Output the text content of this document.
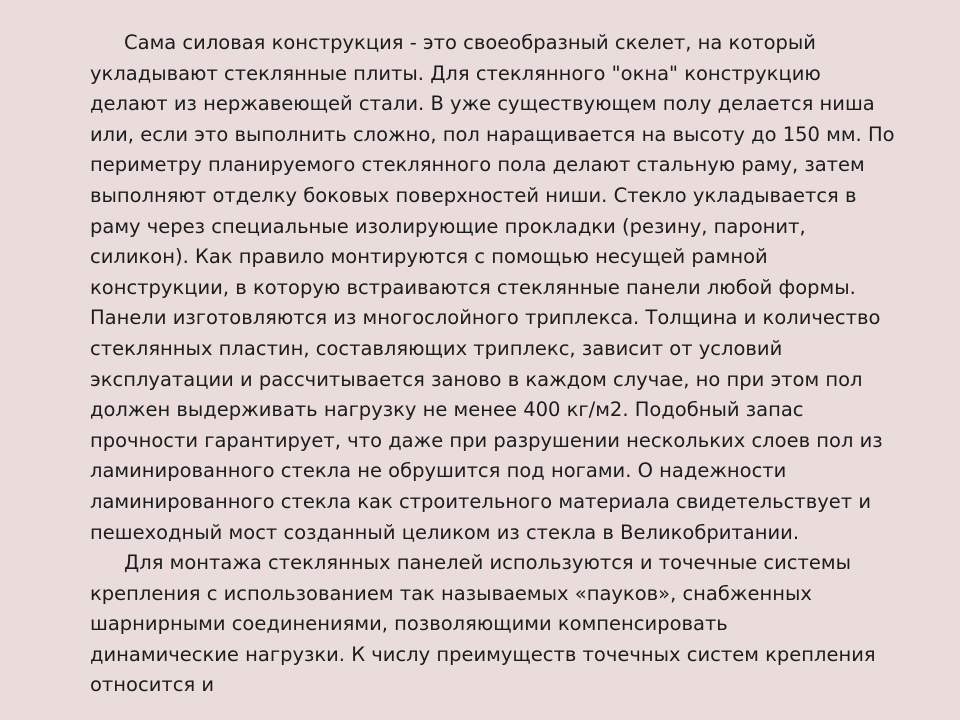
Сама силовая конструкция - это своеобразный скелет, на который
укладывают стеклянные плиты. Для стеклянного "окна" конструкцию
делают из нержавеющей стали. В уже существующем полу делается ниша
или, если это выполнить сложно, пол наращивается на высоту до 150 мм. По
периметру планируемого стеклянного пола делают стальную раму, затем
выполняют отделку боковых поверхностей ниши. Стекло укладывается в
раму через специальные изолирующие прокладки (резину, паронит,
силикон). Как правило монтируются с помощью несущей рамной
конструкции, в которую встраиваются стеклянные панели любой формы.
Панели изготовляются из многослойного триплекса. Толщина и количество
стеклянных пластин, составляющих триплекс, зависит от условий
эксплуатации и рассчитывается заново в каждом случае, но при этом пол
должен выдерживать нагрузку не менее 400 кг/м2. Подобный запас
прочности гарантирует, что даже при разрушении нескольких слоев пол из
ламинированного стекла не обрушится под ногами. О надежности
ламинированного стекла как строительного материала свидетельствует и
пешеходный мост созданный целиком из стекла в Великобритании.

Для монтажа стеклянных панелей используются и точечные системы
крепления с использованием так называемых «пауков», снабженных
шарнирными соединениями, позволяющими компенсировать
динамические нагрузки. К числу преимуществ точечных систем крепления
относится и
